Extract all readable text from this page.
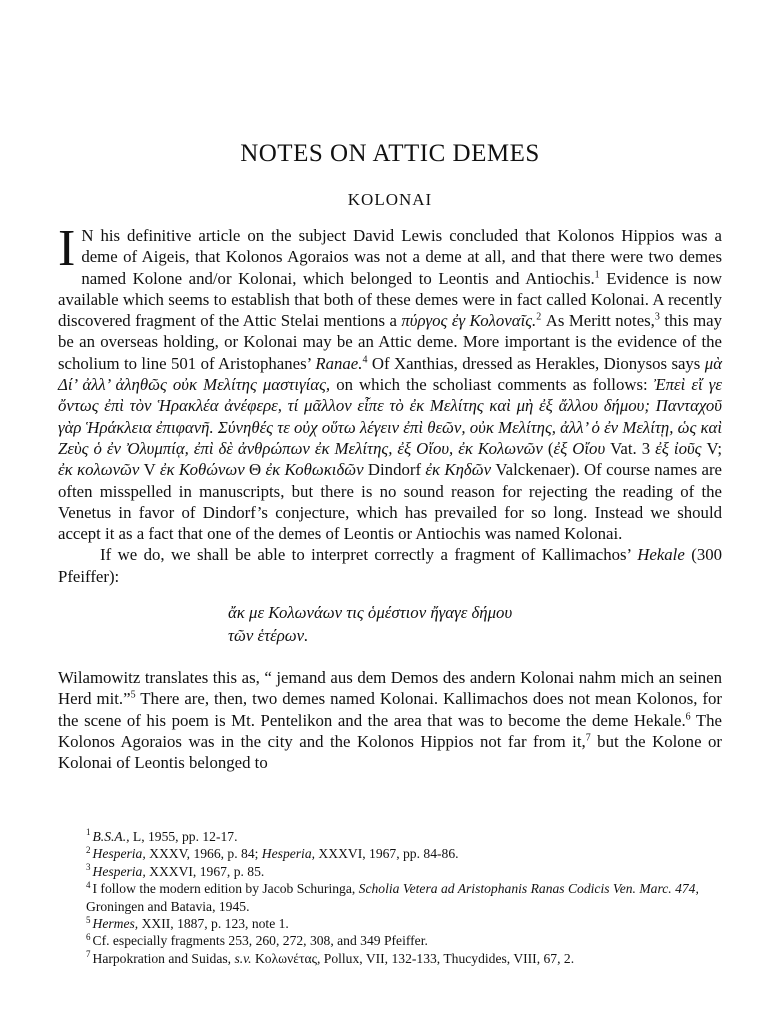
NOTES ON ATTIC DEMES
KOLONAI

I N his definitive article on the subject David Lewis concluded that Kolonos Hippios was a deme of Aigeis, that Kolonos Agoraios was not a deme at all, and that there were two demes named Kolone and/or Kolonai, which belonged to Leontis and Antiochis.$^1$ Evidence is now available which seems to establish that both of these demes were in fact called Kolonai. A recently discovered fragment of the Attic Stelai mentions a πύργος ἐγ Κολοναῖς.$^2$ As Meritt notes,$^3$ this may be an overseas holding, or Kolonai may be an Attic deme. More important is the evidence of the scholium to line 501 of Aristophanes’ Ranae.$^4$ Of Xanthias, dressed as Herakles, Dionysos says μὰ Δί’ ἀλλ’ ἀληθῶς οὐκ Μελίτης μαστιγίας, on which the scholiast comments as follows: Ἐπεὶ εἴ γε ὄντως ἐπὶ τὸν Ἡρακλέα ἀνέφερε, τί μᾶλλον εἶπε τὸ ἐκ Μελίτης καὶ μὴ ἐξ ἄλλου δήμου; Πανταχοῦ γὰρ Ἡράκλεια ἐπιφανῆ. Σύνηθές τε οὐχ οὕτω λέγειν ἐπὶ θεῶν, οὐκ Μελίτης, ἀλλ’ ὁ ἐν Μελίτῃ, ὡς καὶ Ζεὺς ὁ ἐν Ὀλυμπίᾳ, ἐπὶ δὲ ἀνθρώπων ἐκ Μελίτης, ἐξ Οἴου, ἐκ Κολωνῶν (ἐξ Οἴου Vat. 3 ἐξ ἰοῦς V; ἐκ κολωνῶν V ἐκ Κοθώνων Θ ἐκ Κοθωκιδῶν Dindorf ἐκ Κηδῶν Valckenaer). Of course names are often misspelled in manuscripts, but there is no sound reason for rejecting the reading of the Venetus in favor of Dindorf’s conjecture, which has prevailed for so long. Instead we should accept it as a fact that one of the demes of Leontis or Antiochis was named Kolonai.

If we do, we shall be able to interpret correctly a fragment of Kallimachos’ Hekale (300 Pfeiffer):

ἄκ με Κολωνάων τις ὁμέστιον ἤγαγε δήμου
τῶν ἑτέρων.

Wilamowitz translates this as, “ jemand aus dem Demos des andern Kolonai nahm mich an seinen Herd mit.”$^5$ There are, then, two demes named Kolonai. Kallimachos does not mean Kolonos, for the scene of his poem is Mt. Pentelikon and the area that was to become the deme Hekale.$^6$ The Kolonos Agoraios was in the city and the Kolonos Hippios not far from it,$^7$ but the Kolone or Kolonai of Leontis belonged to

$^1$ B.S.A., L, 1955, pp. 12-17.
$^2$ Hesperia, XXXV, 1966, p. 84; Hesperia, XXXVI, 1967, pp. 84-86.
$^3$ Hesperia, XXXVI, 1967, p. 85.
$^4$ I follow the modern edition by Jacob Schuringa, Scholia Vetera ad Aristophanis Ranas Codicis Ven. Marc. 474, Groningen and Batavia, 1945.
$^5$ Hermes, XXII, 1887, p. 123, note 1.
$^6$ Cf. especially fragments 253, 260, 272, 308, and 349 Pfeiffer.
$^7$ Harpokration and Suidas, s.v. Κολωνέτας, Pollux, VII, 132-133, Thucydides, VIII, 67, 2.
